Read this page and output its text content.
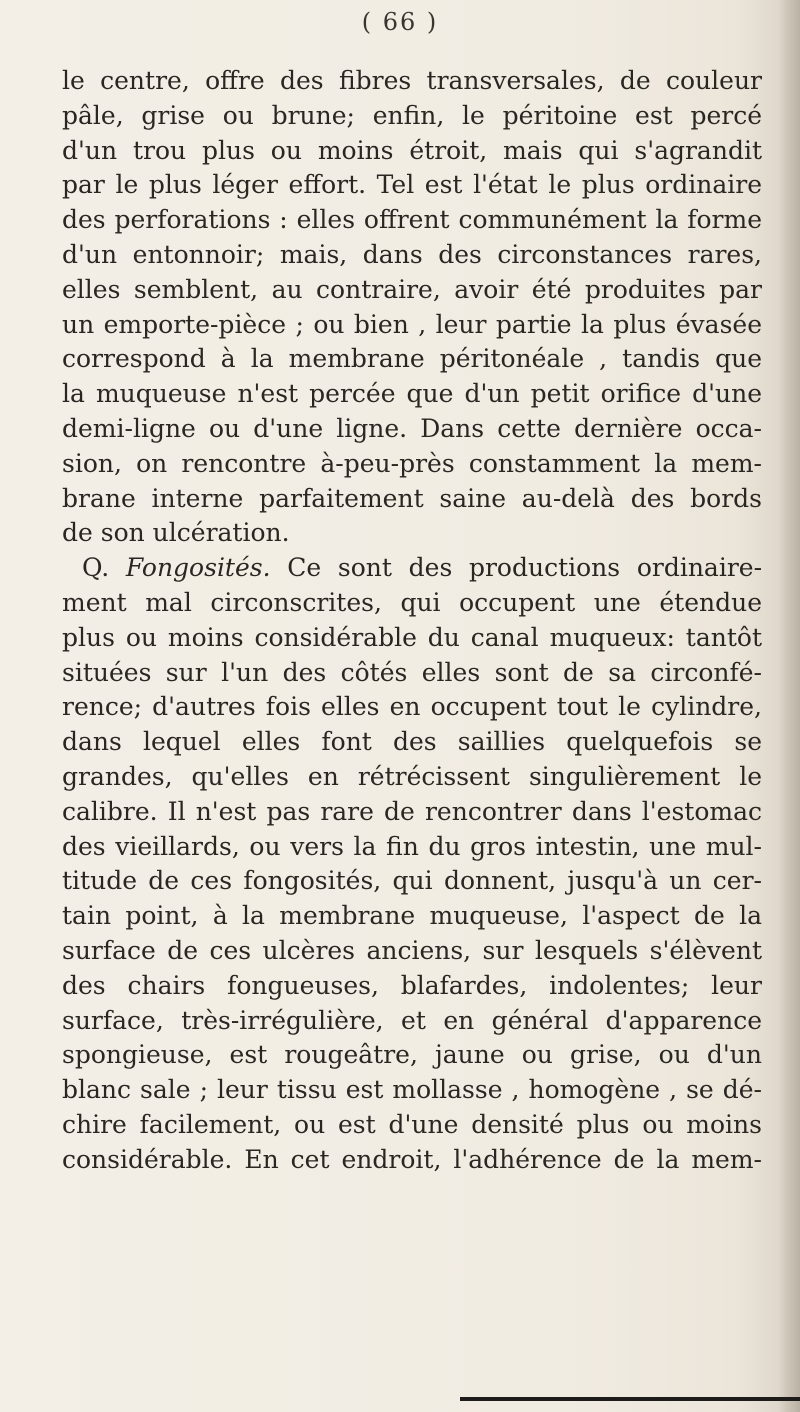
( 66 )
le centre, offre des fibres transversales, de couleur
pâle, grise ou brune; enfin, le péritoine est percé
d'un trou plus ou moins étroit, mais qui s'agrandit
par le plus léger effort. Tel est l'état le plus ordinaire
des perforations : elles offrent communément la forme
d'un entonnoir; mais, dans des circonstances rares,
elles semblent, au contraire, avoir été produites par
un emporte-pièce ; ou bien , leur partie la plus évasée
correspond à la membrane péritonéale , tandis que
la muqueuse n'est percée que d'un petit orifice d'une
demi-ligne ou d'une ligne. Dans cette dernière occa-
sion, on rencontre à-peu-près constamment la mem-
brane interne parfaitement saine au-delà des bords
de son ulcération.
Q. Fongosités. Ce sont des productions ordinaire-
ment mal circonscrites, qui occupent une étendue
plus ou moins considérable du canal muqueux: tantôt
situées sur l'un des côtés elles sont de sa circonfé-
rence; d'autres fois elles en occupent tout le cylindre,
dans lequel elles font des saillies quelquefois se
grandes, qu'elles en rétrécissent singulièrement le
calibre. Il n'est pas rare de rencontrer dans l'estomac
des vieillards, ou vers la fin du gros intestin, une mul-
titude de ces fongosités, qui donnent, jusqu'à un cer-
tain point, à la membrane muqueuse, l'aspect de la
surface de ces ulcères anciens, sur lesquels s'élèvent
des chairs fongueuses, blafardes, indolentes; leur
surface, très-irrégulière, et en général d'apparence
spongieuse, est rougeâtre, jaune ou grise, ou d'un
blanc sale ; leur tissu est mollasse , homogène , se dé-
chire facilement, ou est d'une densité plus ou moins
considérable. En cet endroit, l'adhérence de la mem-
